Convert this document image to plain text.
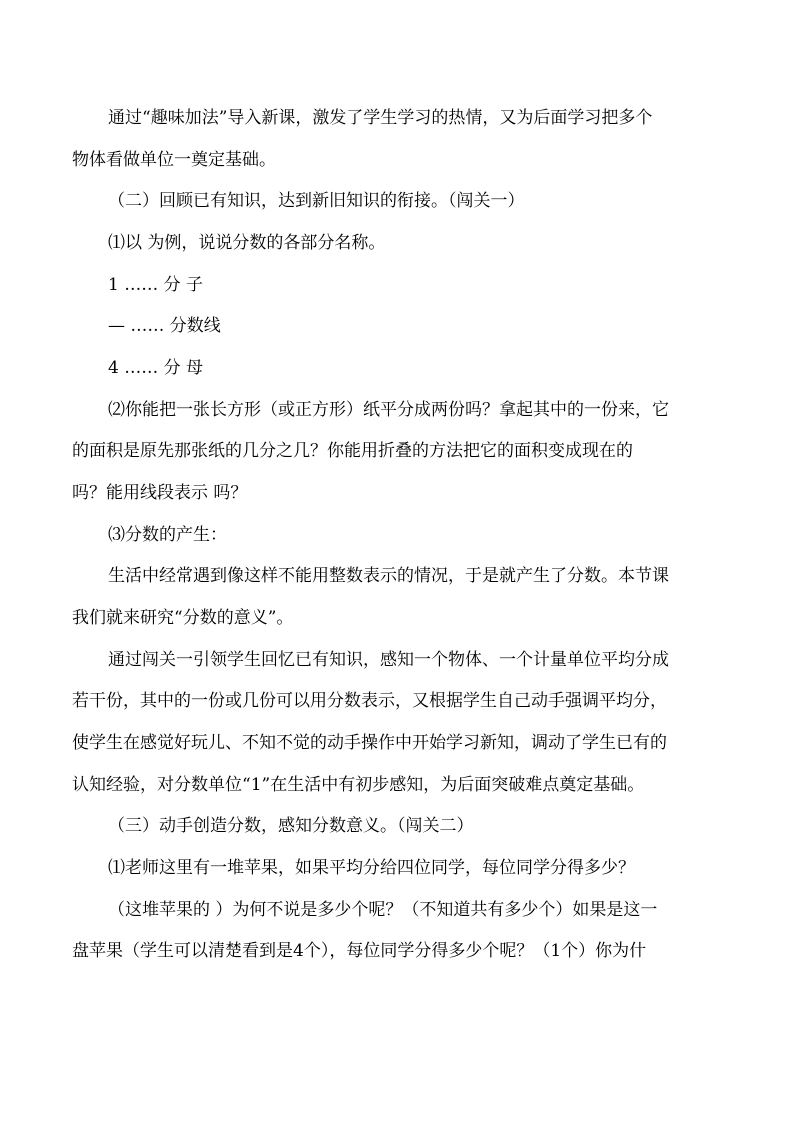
通过“趣味加法”导入新课，激发了学生学习的热情，又为后面学习把多个
物体看做单位一奠定基础。
（二）回顾已有知识，达到新旧知识的衔接。（闯关一）
⑴以 为例，说说分数的各部分名称。
1 …… 分 子
— …… 分数线
4 …… 分 母
⑵你能把一张长方形（或正方形）纸平分成两份吗？拿起其中的一份来，它
的面积是原先那张纸的几分之几？你能用折叠的方法把它的面积变成现在的
吗？能用线段表示 吗？
⑶分数的产生：
生活中经常遇到像这样不能用整数表示的情况，于是就产生了分数。本节课
我们就来研究“分数的意义”。
通过闯关一引领学生回忆已有知识，感知一个物体、一个计量单位平均分成
若干份，其中的一份或几份可以用分数表示，又根据学生自己动手强调平均分，
使学生在感觉好玩儿、不知不觉的动手操作中开始学习新知，调动了学生已有的
认知经验，对分数单位“1”在生活中有初步感知，为后面突破难点奠定基础。
（三）动手创造分数，感知分数意义。（闯关二）
⑴老师这里有一堆苹果，如果平均分给四位同学，每位同学分得多少？
（这堆苹果的 ）为何不说是多少个呢？（不知道共有多少个）如果是这一
盘苹果（学生可以清楚看到是4个），每位同学分得多少个呢？（1个）你为什
